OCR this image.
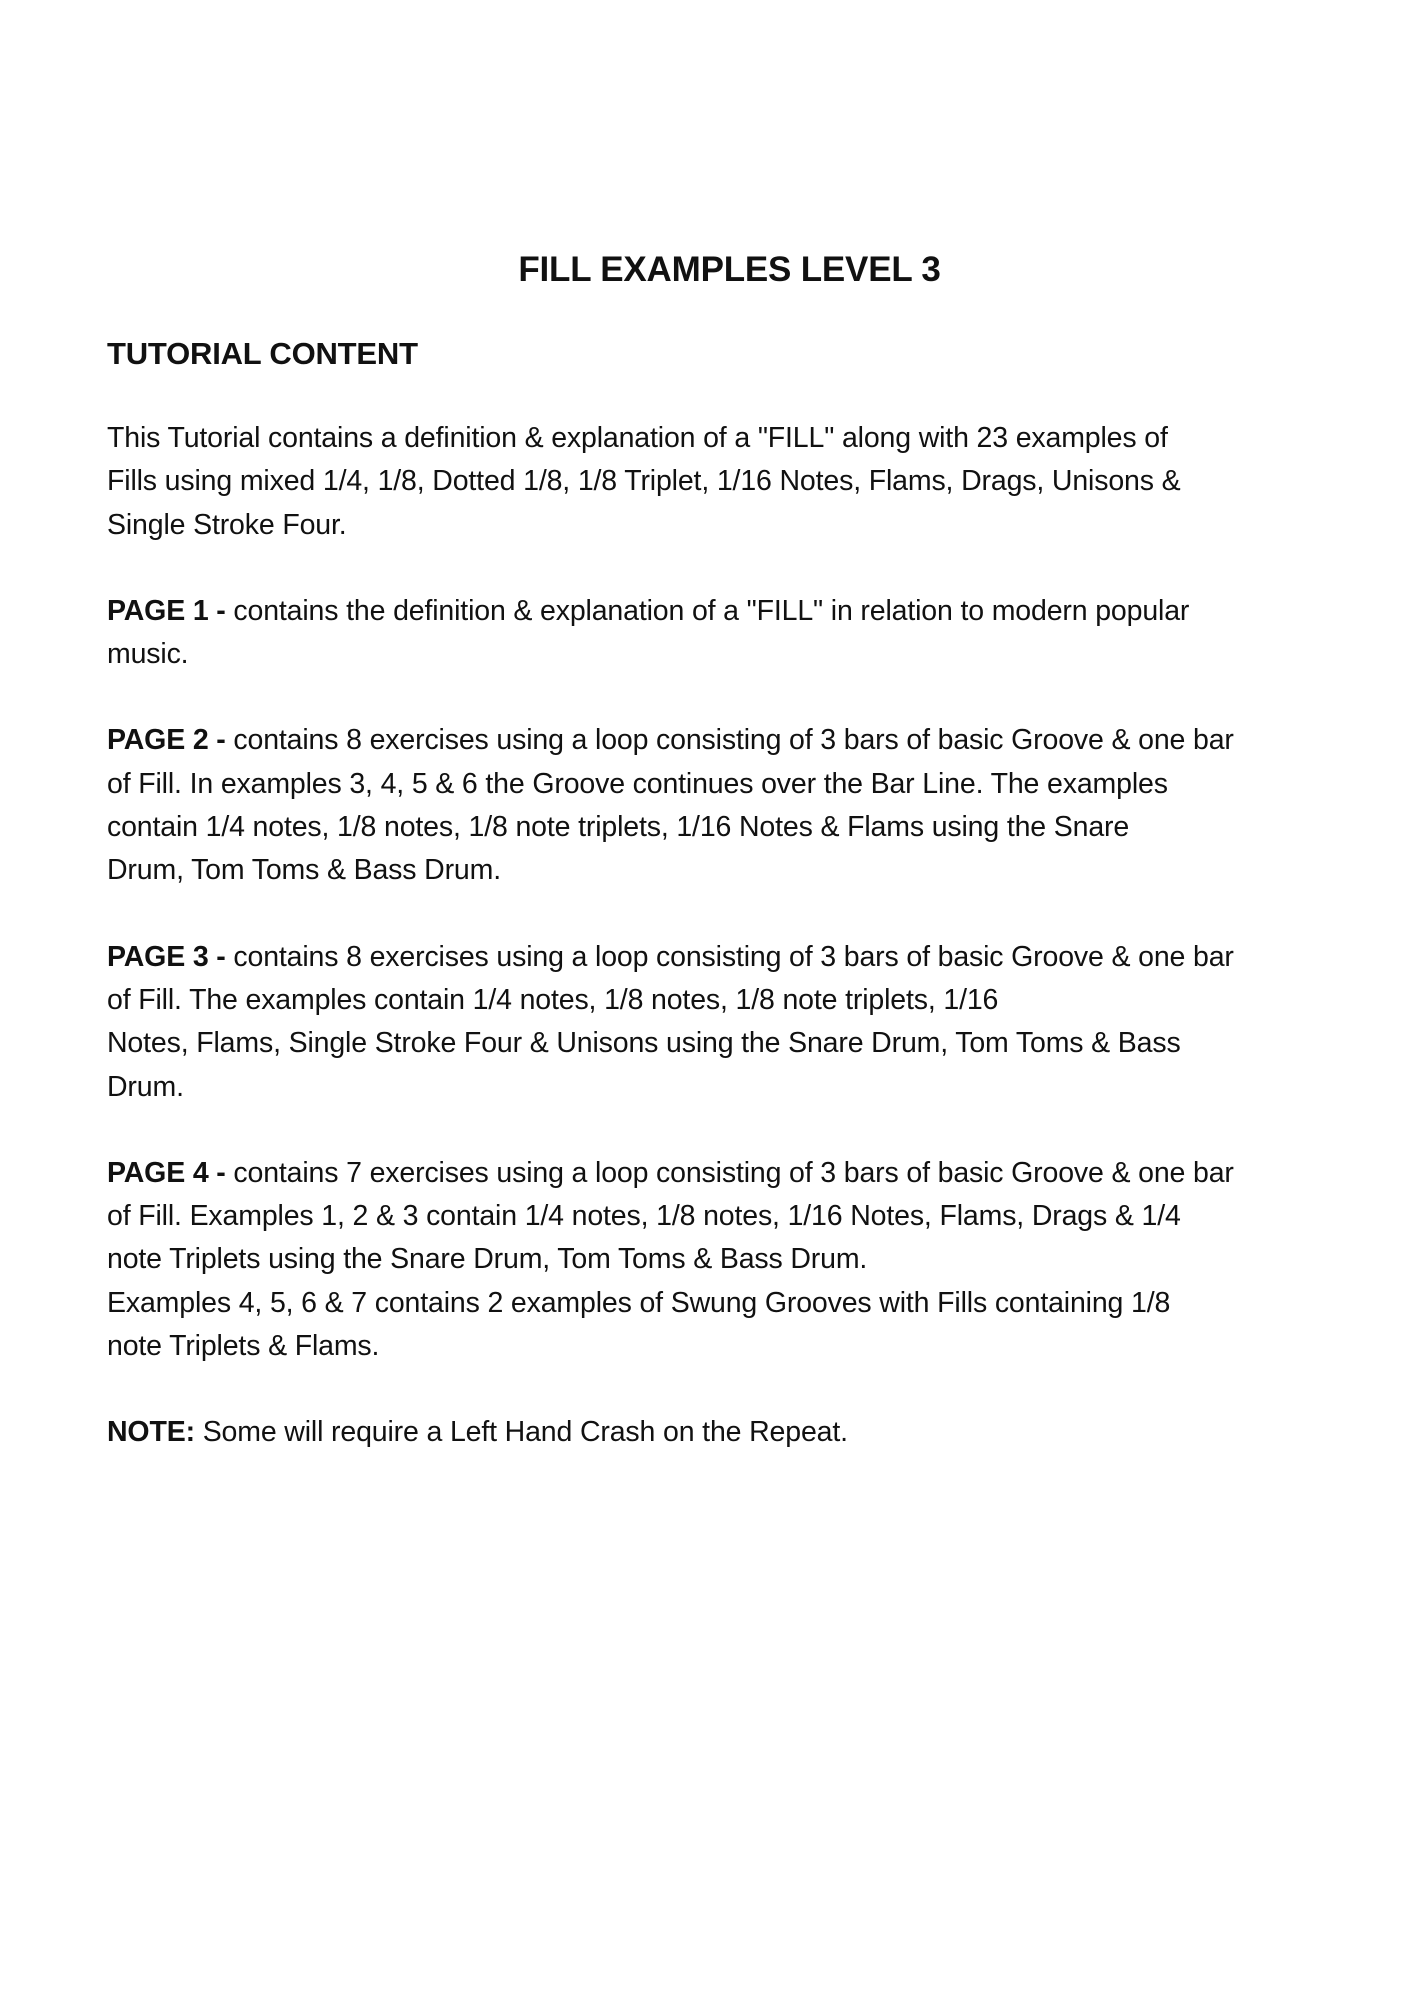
FILL EXAMPLES LEVEL 3
TUTORIAL CONTENT

This Tutorial contains a definition & explanation of a "FILL" along with 23 examples of
Fills using mixed 1/4, 1/8, Dotted 1/8, 1/8 Triplet, 1/16 Notes, Flams, Drags, Unisons &
Single Stroke Four.

PAGE 1 - contains the definition & explanation of a "FILL" in relation to modern popular
music.

PAGE 2 - contains 8 exercises using a loop consisting of 3 bars of basic Groove & one bar
of Fill. In examples 3, 4, 5 & 6 the Groove continues over the Bar Line. The examples
contain 1/4 notes, 1/8 notes, 1/8 note triplets, 1/16 Notes & Flams using the Snare
Drum, Tom Toms & Bass Drum.

PAGE 3 - contains 8 exercises using a loop consisting of 3 bars of basic Groove & one bar
of Fill. The examples contain 1/4 notes, 1/8 notes, 1/8 note triplets, 1/16
Notes, Flams, Single Stroke Four & Unisons using the Snare Drum, Tom Toms & Bass
Drum.

PAGE 4 - contains 7 exercises using a loop consisting of 3 bars of basic Groove & one bar
of Fill. Examples 1, 2 & 3 contain 1/4 notes, 1/8 notes, 1/16 Notes, Flams, Drags & 1/4
note Triplets using the Snare Drum, Tom Toms & Bass Drum.
Examples 4, 5, 6 & 7 contains 2 examples of Swung Grooves with Fills containing 1/8
note Triplets & Flams.

NOTE: Some will require a Left Hand Crash on the Repeat.
